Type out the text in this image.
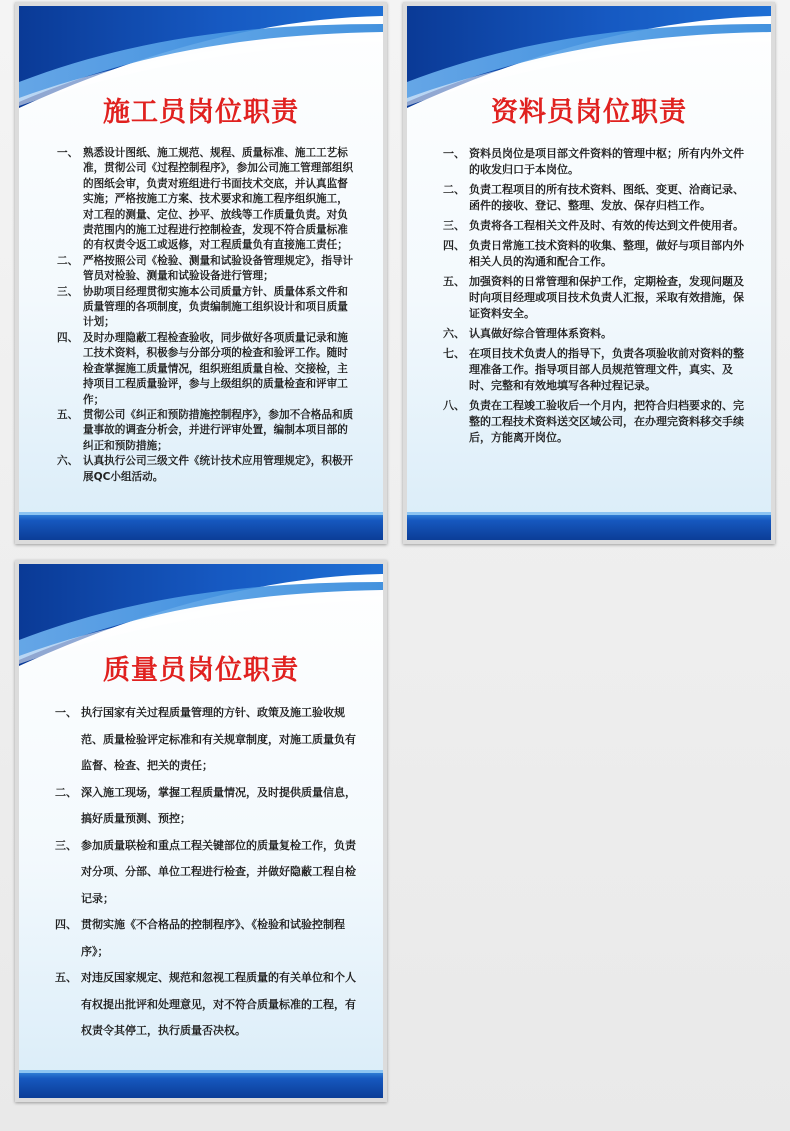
施工员岗位职责
一、 熟悉设计图纸、施工规范、规程、质量标准、施工工艺标准，贯彻公司《过程控制程序》，参加公司施工管理部组织的图纸会审，负责对班组进行书面技术交底，并认真监督实施；严格按施工方案、技术要求和施工程序组织施工，对工程的测量、定位、抄平、放线等工作质量负责。对负责范围内的施工过程进行控制检查，发现不符合质量标准的有权责令返工或返修，对工程质量负有直接施工责任；
二、 严格按照公司《检验、测量和试验设备管理规定》，指导计管员对检验、测量和试验设备进行管理；
三、 协助项目经理贯彻实施本公司质量方针、质量体系文件和质量管理的各项制度，负责编制施工组织设计和项目质量计划；
四、 及时办理隐蔽工程检查验收，同步做好各项质量记录和施工技术资料，积极参与分部分项的检查和验评工作。随时检查掌握施工质量情况，组织班组质量自检、交接检，主持项目工程质量验评，参与上级组织的质量检查和评审工作；
五、 贯彻公司《纠正和预防措施控制程序》，参加不合格品和质量事故的调查分析会，并进行评审处置，编制本项目部的纠正和预防措施；
六、 认真执行公司三级文件《统计技术应用管理规定》，积极开展QC小组活动。
资料员岗位职责
一、 资料员岗位是项目部文件资料的管理中枢；所有内外文件的收发归口于本岗位。
二、 负责工程项目的所有技术资料、图纸、变更、洽商记录、函件的接收、登记、整理、发放、保存归档工作。
三、 负责将各工程相关文件及时、有效的传达到文件使用者。
四、 负责日常施工技术资料的收集、整理，做好与项目部内外相关人员的沟通和配合工作。
五、 加强资料的日常管理和保护工作，定期检查，发现问题及时向项目经理或项目技术负责人汇报，采取有效措施，保证资料安全。
六、 认真做好综合管理体系资料。
七、 在项目技术负责人的指导下，负责各项验收前对资料的整理准备工作。指导项目部人员规范管理文件，真实、及时、完整和有效地填写各种过程记录。
八、 负责在工程竣工验收后一个月内，把符合归档要求的、完整的工程技术资料送交区域公司，在办理完资料移交手续后，方能离开岗位。
质量员岗位职责
一、 执行国家有关过程质量管理的方针、政策及施工验收规范、质量检验评定标准和有关规章制度，对施工质量负有监督、检查、把关的责任；
二、 深入施工现场，掌握工程质量情况，及时提供质量信息，搞好质量预测、预控；
三、 参加质量联检和重点工程关键部位的质量复检工作，负责对分项、分部、单位工程进行检查，并做好隐蔽工程自检记录；
四、 贯彻实施《不合格品的控制程序》、《检验和试验控制程序》；
五、 对违反国家规定、规范和忽视工程质量的有关单位和个人有权提出批评和处理意见，对不符合质量标准的工程，有权责令其停工，执行质量否决权。
